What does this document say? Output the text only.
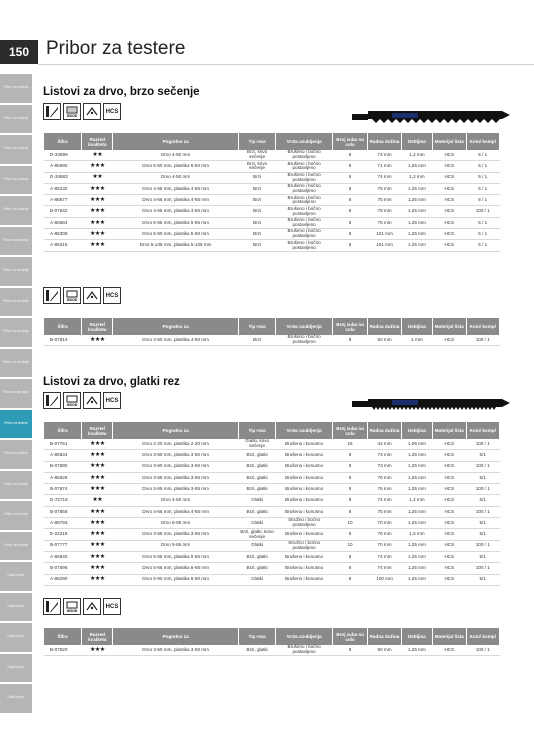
150 Pribor za testere
Pribor za bušenje
Pribor za bušenje
Pribor za bušenje
Pribor za bušenje
Pribor za bušenje
Pribor za brušenje
Pribor za brušenje
Pribor za brušenje
Pribor za brušenje
Pribor za brušenje
Pribor za glodanje
Pribor za testere
Pribor za testere
Pribor za rezanje
Pribor za rezanje
Pribor za rezanje
Ostali pribor
Ostali pribor
Ostali pribor
Ostali pribor
Ostali pribor
Listovi za drvo, brzo sečenje
WOOD
HCS
Šifra	Razred kvaliteta	Pogodno za	Tip reza	Vrsta ozubljenja	Broj zuba na colu	Radna dužina	Debljina	Materijal lista	Kom/ kompl
D-34899	★★	Drvo 4-50 mm	Brzi, krivo sečenje	Brušeno i bočno postavljeno	6	74 mm	1,2 mm	HCS	5 / 1
A-85690	★★★	Drvo 5-50 mm, plastika 5-50 mm	Brzi, krivo sečenje	Brušeno i bočno postavljeno	6	71 mm	1,25 mm	HCS	5 / 1
D-34883	★★	Drvo 4-50 mm	Brzi	Brušeno i bočno postavljeno	6	74 mm	1,2 mm	HCS	5 / 1
A-85232	★★★	Drvo 4-65 mm, plastika 4-65 mm	Brzi	Brušeno i bočno postavljeno	6	75 mm	1,25 mm	HCS	5 / 1
A-86577	★★★	Drvo 4-65 mm, plastika 4-65 mm	Brzi	Brušeno i bočno postavljeno	6	75 mm	1,25 mm	HCS	5 / 1
B-07642	★★★	Drvo 4-65 mm, plastika 4-65 mm	Brzi	Brušeno i bočno postavljeno	6	75 mm	1,25 mm	HCS	100 / 1
A-85684	★★★	Drvo 5-65 mm, plastika 5-65 mm	Brzi	Brušeno i bočno postavljeno	6	75 mm	1,25 mm	HCS	5 / 1
A-86309	★★★	Drvo 5-90 mm, plastika 5-90 mm	Brzi	Brušeno i bočno postavljeno	6	101 mm	1,25 mm	HCS	5 / 1
A-86315	★★★	Drvo 5-135 mm, plastika 5-135 mm	Brzi	Brušeno i bočno postavljeno	6	101 mm	1,25 mm	HCS	5 / 1
WOOD
HCS
Šifra	Razred kvaliteta	Pogodno za	Tip reza	Vrsta ozubljenja	Broj zuba na colu	Radna dužina	Debljina	Materijal lista	Kom/ kompl
B-07814	★★★	Drvo 4-50 mm, plastika 4-50 mm	Brzi	Brušeno i bočno postavljeno	8	60 mm	1 mm	HCS	100 / 1
Listovi za drvo, glatki rez
WOOD
HCS
Šifra	Razred kvaliteta	Pogodno za	Tip reza	Vrsta ozubljenja	Broj zuba na colu	Radna dužina	Debljina	Materijal lista	Kom/ kompl
B-07761	★★★	Drvo 2-20 mm, plastika 2-20 mm	Glatki, krivo sečenje	Brušeno i konusno	16	44 mm	1,06 mm	HCS	100 / 1
A-85634	★★★	Drvo 3-60 mm, plastika 3-60 mm	Brzi, glatki	Brušeno i konusno	9	73 mm	1,25 mm	HCS	5/1
B-07680	★★★	Drvo 3-60 mm, plastika 3-60 mm	Brzi, glatki	Brušeno i konusno	9	73 mm	1,25 mm	HCS	100 / 1
A-85628	★★★	Drvo 3-65 mm, plastika 3-65 mm	Brzi, glatki	Brušeno i konusno	9	76 mm	1,25 mm	HCS	5/1
B-07674	★★★	Drvo 3-65 mm, plastika 3-65 mm	Brzi, glatki	Brušeno i konusno	9	76 mm	1,25 mm	HCS	100 / 1
D-72718	★★	Drvo 4-50 mm	Glatki	Brušeno i konusno	9	74 mm	1,2 mm	HCS	5/1
B-07858	★★★	Drvo 4-65 mm, plastika 4-65 mm	Brzi, glatki	Brušeno i konusno	8	75 mm	1,25 mm	HCS	100 / 1
A-85793	★★★	Drvo 5-65 mm	Glatki	Stružno i bočno postavljeno	10	70 mm	1,25 mm	HCS	5/1
E-22218	★★★	Drvo 3-65 mm, plastika 3-65 mm	Brzi, glatki, krivo sečenje	Brušeno i konusno	9	76 mm	1,5 mm	HCS	5/1
B-07777	★★★	Drvo 5-65 mm	Glatki	Stružno i bočno postavljeno	10	70 mm	1,25 mm	HCS	100 / 1
A-85640	★★★	Drvo 5-65 mm, plastika 5-65 mm	Brzi, glatki	Brušeno i konusno	6	74 mm	1,25 mm	HCS	5/1
B-07696	★★★	Drvo 5-65 mm, plastika 5-65 mm	Brzi, glatki	Brušeno i konusno	6	74 mm	1,25 mm	HCS	100 / 1
A-86290	★★★	Drvo 5-90 mm, plastika 5-90 mm	Glatki	Brušeno i konusno	6	100 mm	1,25 mm	HCS	5/1
WOOD
HCS
Šifra	Razred kvaliteta	Pogodno za	Tip reza	Vrsta ozubljenja	Broj zuba na colu	Radna dužina	Debljina	Materijal lista	Kom/ kompl
B-07820	★★★	Drvo 3-50 mm, plastika 3-50 mm	Brzi, glatki	Brušeno i bočno postavljeno	9	60 mm	1,25 mm	HCS	100 / 1
